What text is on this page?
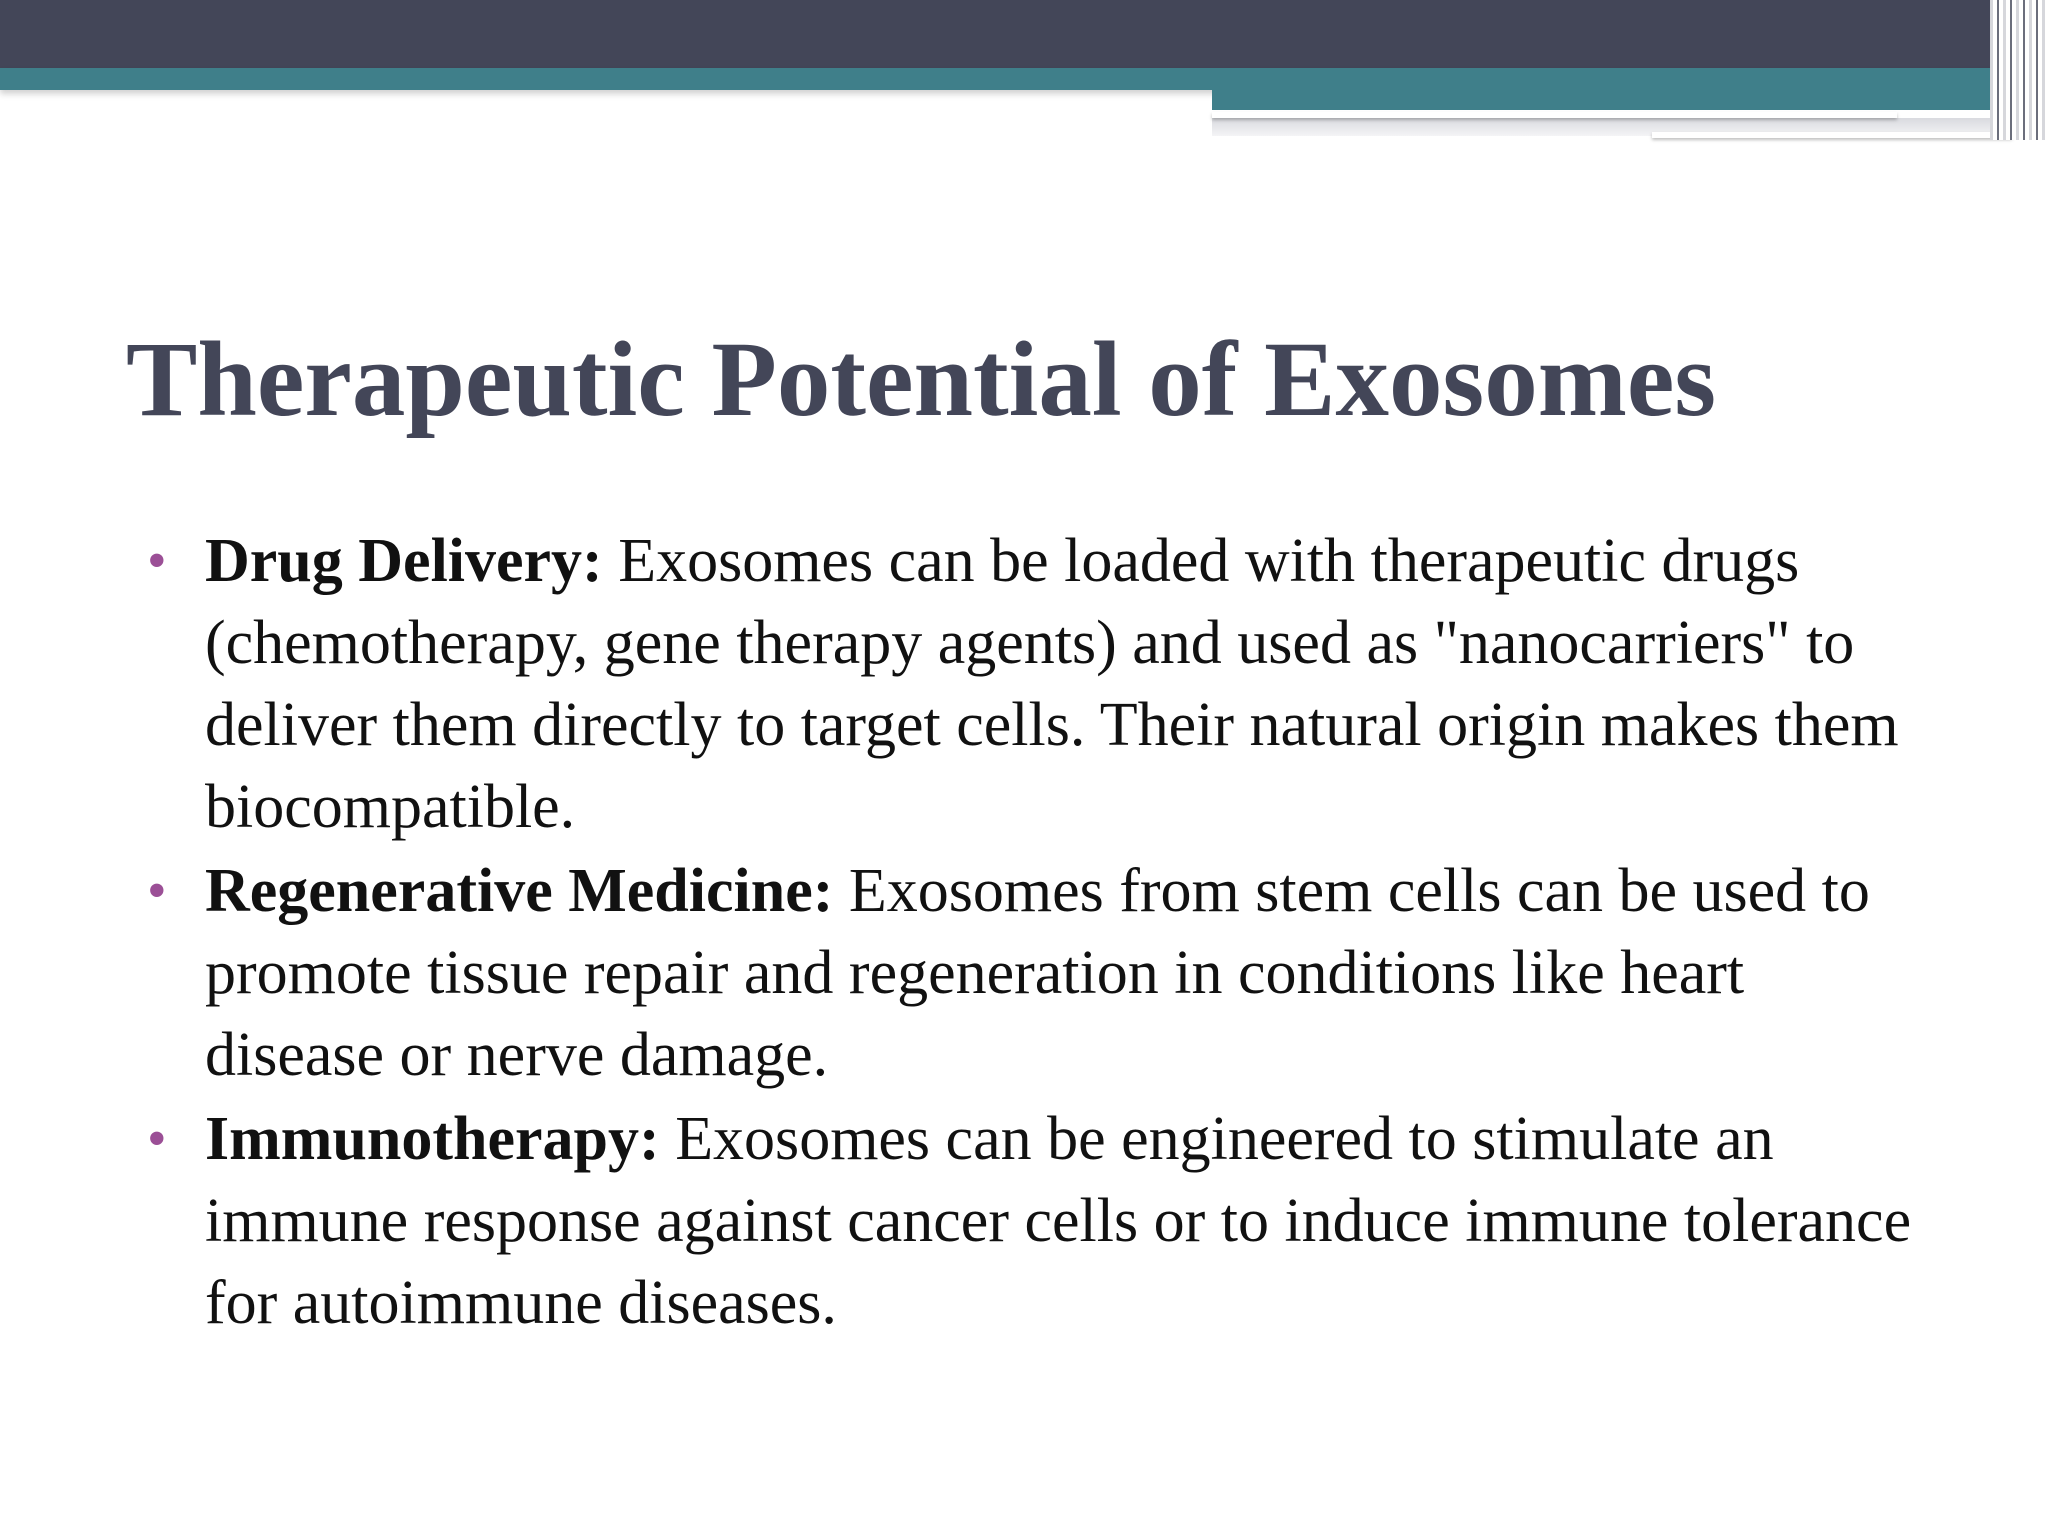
Therapeutic Potential of Exosomes
• Drug Delivery: Exosomes can be loaded with therapeutic drugs (chemotherapy, gene therapy agents) and used as "nanocarriers" to deliver them directly to target cells. Their natural origin makes them biocompatible.
• Regenerative Medicine: Exosomes from stem cells can be used to promote tissue repair and regeneration in conditions like heart disease or nerve damage.
• Immunotherapy: Exosomes can be engineered to stimulate an immune response against cancer cells or to induce immune tolerance for autoimmune diseases.
